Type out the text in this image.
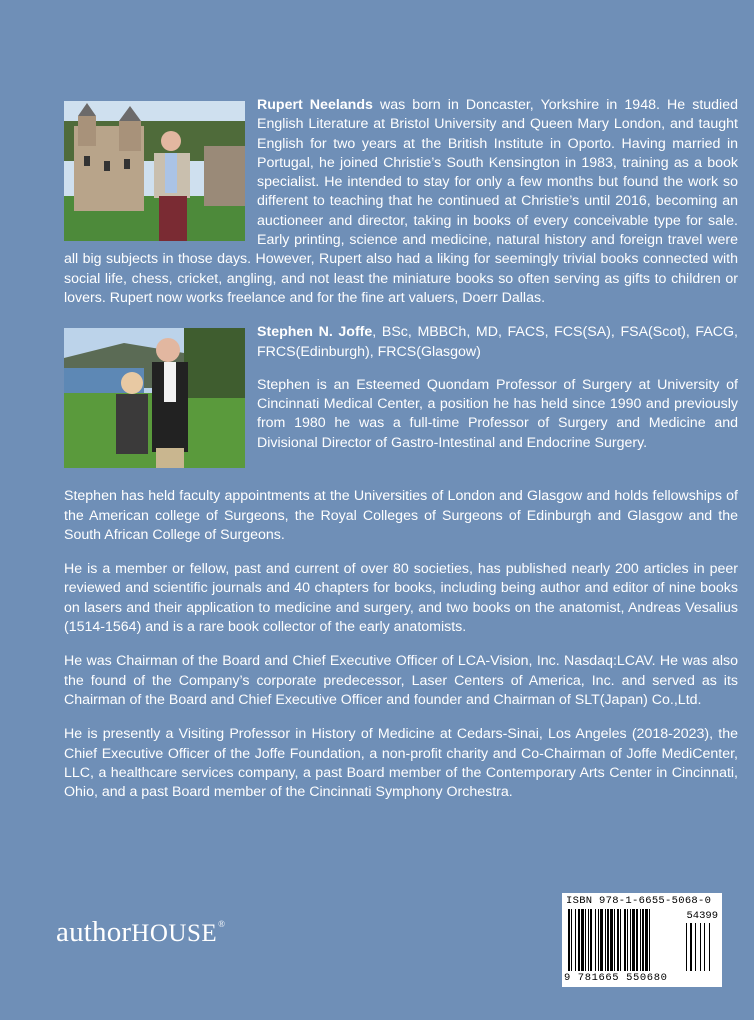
Rupert Neelands was born in Doncaster, Yorkshire in 1948. He studied English Literature at Bristol University and Queen Mary London, and taught English for two years at the British Institute in Oporto. Having married in Portugal, he joined Christie’s South Kensington in 1983, training as a book specialist. He intended to stay for only a few months but found the work so different to teaching that he continued at Christie’s until 2016, becoming an auctioneer and director, taking in books of every conceivable type for sale. Early printing, science and medicine, natural history and foreign travel were all big subjects in those days. However, Rupert also had a liking for seemingly trivial books connected with social life, chess, cricket, angling, and not least the miniature books so often serving as gifts to children or lovers. Rupert now works freelance and for the fine art valuers, Doerr Dallas.

Stephen N. Joffe, BSc, MBBCh, MD, FACS, FCS(SA), FSA(Scot), FACG, FRCS(Edinburgh), FRCS(Glasgow)

Stephen is an Esteemed Quondam Professor of Surgery at University of Cincinnati Medical Center, a position he has held since 1990 and previously from 1980 he was a full-time Professor of Surgery and Medicine and Divisional Director of Gastro-Intestinal and Endocrine Surgery.

Stephen has held faculty appointments at the Universities of London and Glasgow and holds fellowships of the American college of Surgeons, the Royal Colleges of Surgeons of Edinburgh and Glasgow and the South African College of Surgeons.

He is a member or fellow, past and current of over 80 societies, has published nearly 200 articles in peer reviewed and scientific journals and 40 chapters for books, including being author and editor of nine books on lasers and their application to medicine and surgery, and two books on the anatomist, Andreas Vesalius (1514-1564) and is a rare book collector of the early anatomists.

He was Chairman of the Board and Chief Executive Officer of LCA-Vision, Inc. Nasdaq:LCAV. He was also the found of the Company’s corporate predecessor, Laser Centers of America, Inc. and served as its Chairman of the Board and Chief Executive Officer and founder and Chairman of SLT(Japan) Co.,Ltd.

He is presently a Visiting Professor in History of Medicine at Cedars-Sinai, Los Angeles (2018-2023), the Chief Executive Officer of the Joffe Foundation, a non-profit charity and Co-Chairman of Joffe MediCenter, LLC, a healthcare services company, a past Board member of the Contemporary Arts Center in Cincinnati, Ohio, and a past Board member of the Cincinnati Symphony Orchestra.

authorHOUSE®
ISBN 978-1-6655-5068-0
54399
9 781665 550680
